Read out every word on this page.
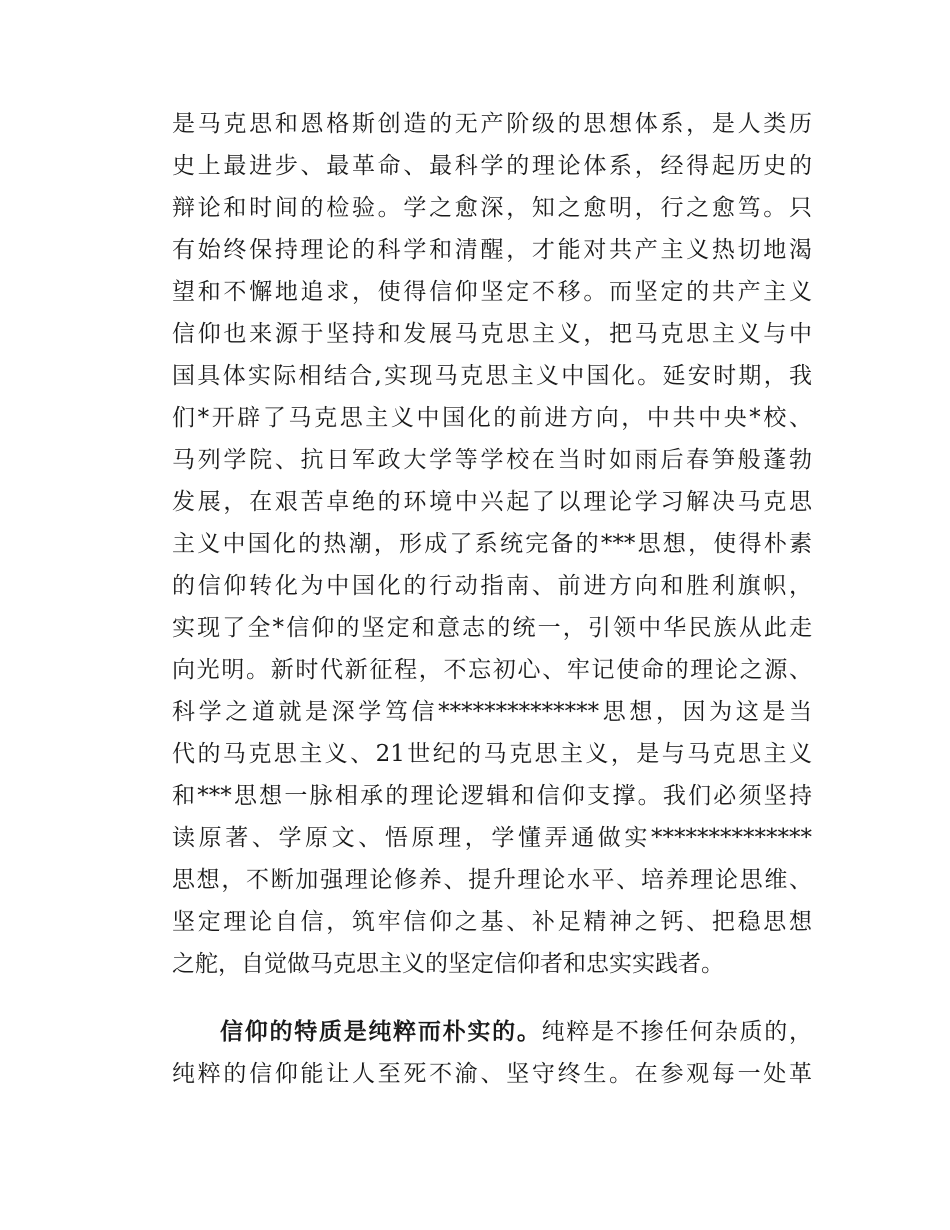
是马克思和恩格斯创造的无产阶级的思想体系，是人类历
史上最进步、最革命、最科学的理论体系，经得起历史的
辩论和时间的检验。学之愈深，知之愈明，行之愈笃。只
有始终保持理论的科学和清醒，才能对共产主义热切地渴
望和不懈地追求，使得信仰坚定不移。而坚定的共产主义
信仰也来源于坚持和发展马克思主义，把马克思主义与中
国具体实际相结合,实现马克思主义中国化。延安时期，我
们*开辟了马克思主义中国化的前进方向，中共中央*校、
马列学院、抗日军政大学等学校在当时如雨后春笋般蓬勃
发展，在艰苦卓绝的环境中兴起了以理论学习解决马克思
主义中国化的热潮，形成了系统完备的***思想，使得朴素
的信仰转化为中国化的行动指南、前进方向和胜利旗帜，
实现了全*信仰的坚定和意志的统一，引领中华民族从此走
向光明。新时代新征程，不忘初心、牢记使命的理论之源、
科学之道就是深学笃信**************思想，因为这是当
代的马克思主义、21世纪的马克思主义，是与马克思主义
和***思想一脉相承的理论逻辑和信仰支撑。我们必须坚持
读原著、学原文、悟原理，学懂弄通做实**************
思想，不断加强理论修养、提升理论水平、培养理论思维、
坚定理论自信，筑牢信仰之基、补足精神之钙、把稳思想
之舵，自觉做马克思主义的坚定信仰者和忠实实践者。
信仰的特质是纯粹而朴实的。纯粹是不掺任何杂质的，
纯粹的信仰能让人至死不渝、坚守终生。在参观每一处革
